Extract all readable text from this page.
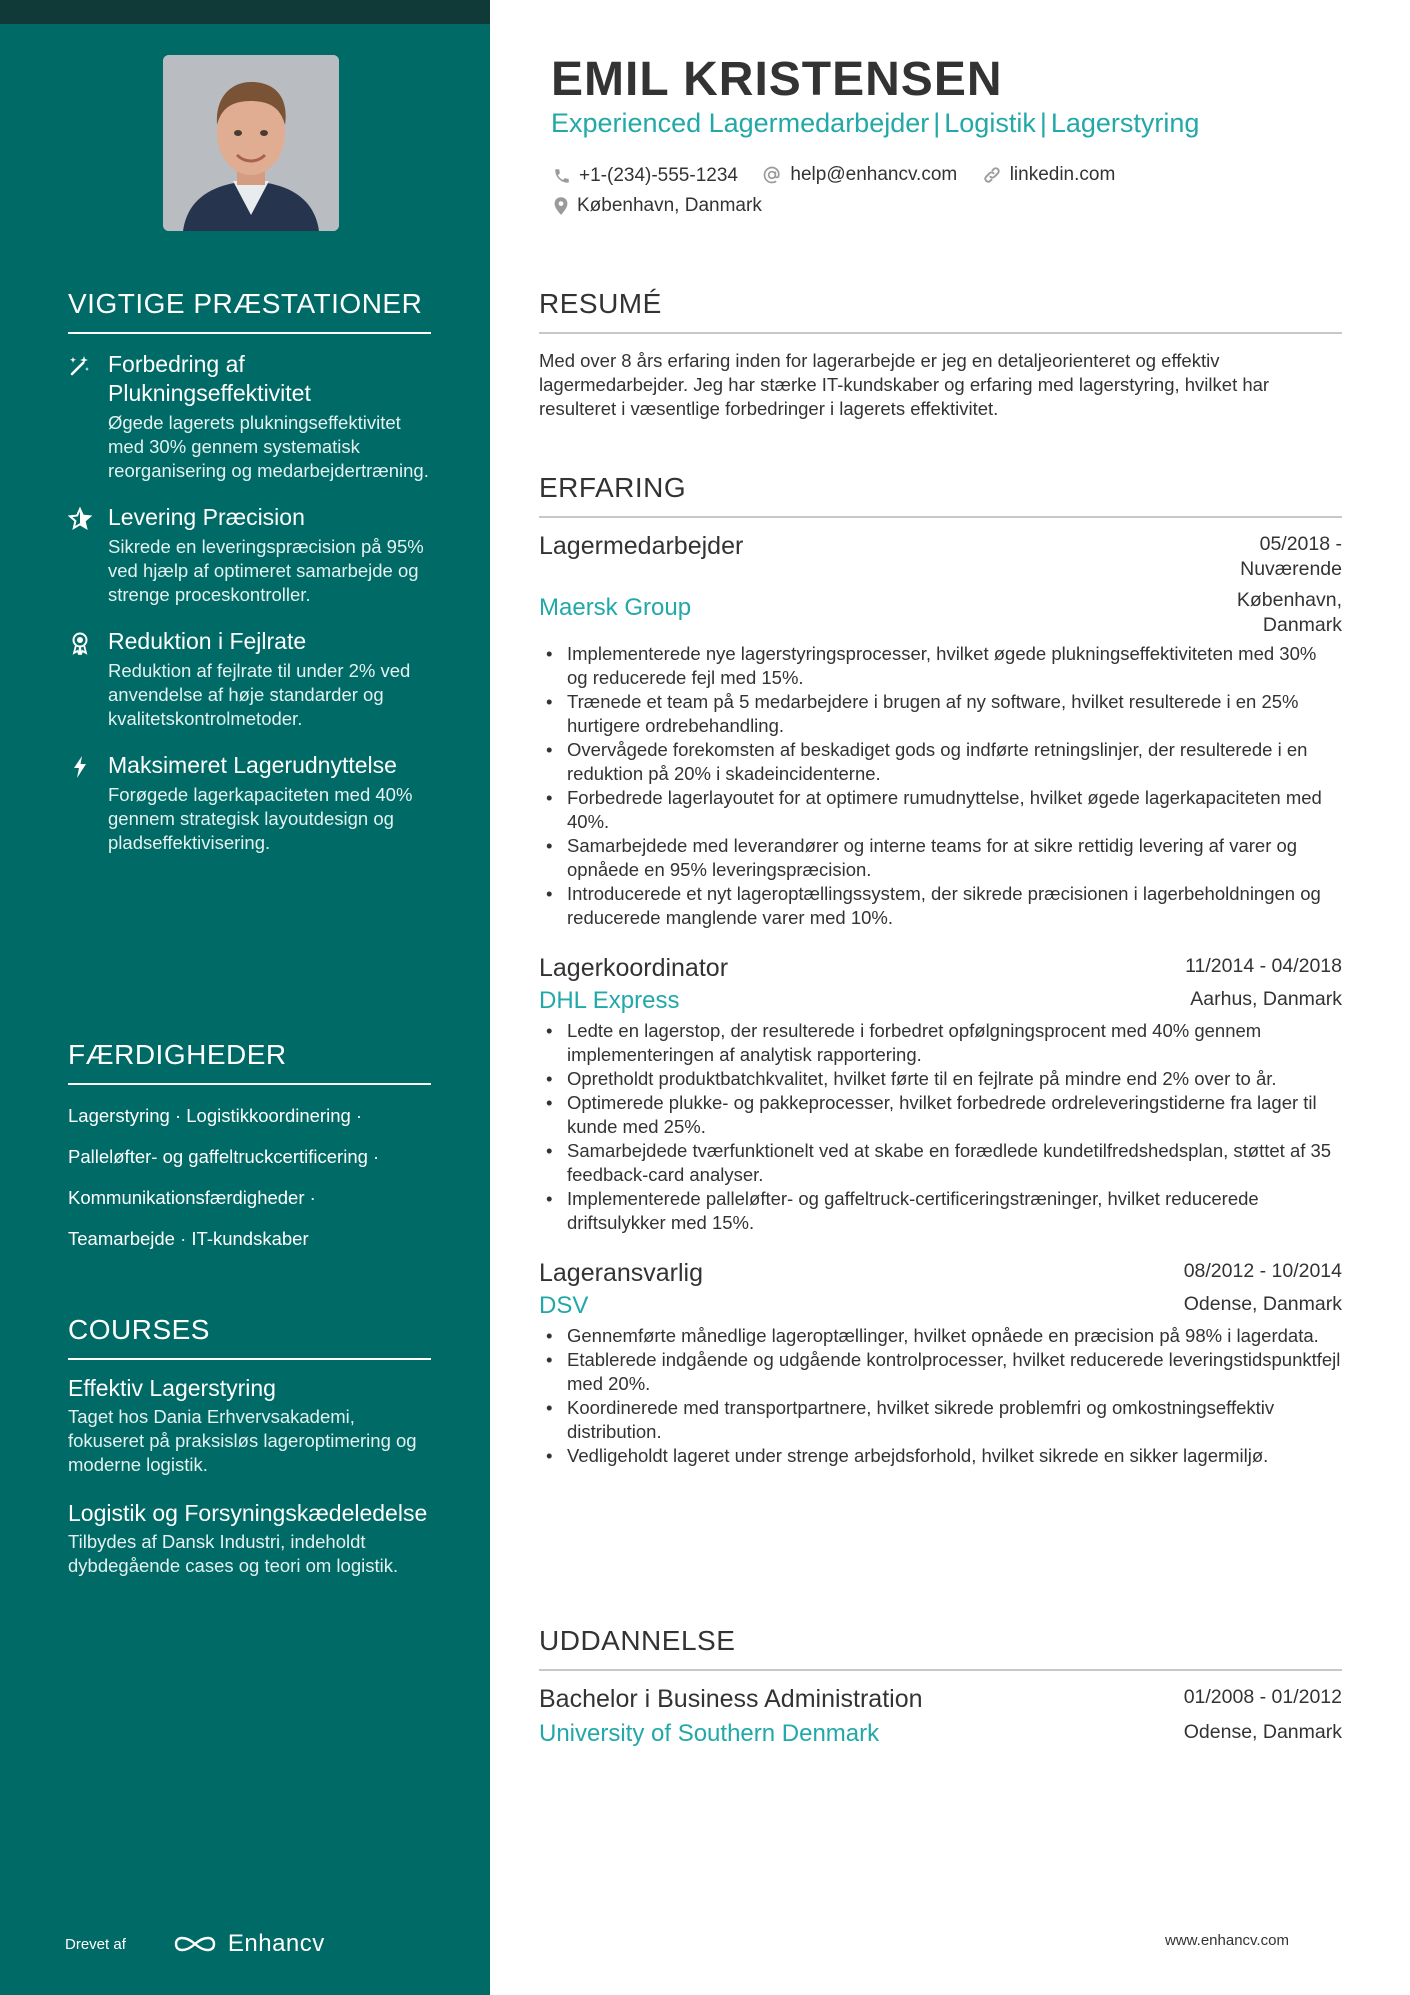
VIGTIGE PRÆSTATIONER
Forbedring af Plukningseffektivitet
Øgede lagerets plukningseffektivitet med 30% gennem systematisk reorganisering og medarbejdertræning.
Levering Præcision
Sikrede en leveringspræcision på 95% ved hjælp af optimeret samarbejde og strenge proceskontroller.
Reduktion i Fejlrate
Reduktion af fejlrate til under 2% ved anvendelse af høje standarder og kvalitetskontrolmetoder.
Maksimeret Lagerudnyttelse
Forøgede lagerkapaciteten med 40% gennem strategisk layoutdesign og pladseffektivisering.
FÆRDIGHEDER
Lagerstyring · Logistikkoordinering ·
Palleløfter- og gaffeltruckcertificering ·
Kommunikationsfærdigheder ·
Teamarbejde · IT-kundskaber
COURSES
Effektiv Lagerstyring
Taget hos Dania Erhvervsakademi, fokuseret på praksisløs lageroptimering og moderne logistik.
Logistik og Forsyningskædeledelse
Tilbydes af Dansk Industri, indeholdt dybdegående cases og teori om logistik.
Drevet af	Enhancv
EMIL KRISTENSEN
Experienced Lagermedarbejder | Logistik | Lagerstyring
+1-(234)-555-1234
	help@enhancv.com
	linkedin.com

København, Danmark
RESUMÉ
Med over 8 års erfaring inden for lagerarbejde er jeg en detaljeorienteret og effektiv lagermedarbejder. Jeg har stærke IT-kundskaber og erfaring med lagerstyring, hvilket har resulteret i væsentlige forbedringer i lagerets effektivitet.
ERFARING
Lagermedarbejder	05/2018 - Nuværende
Maersk Group	København, Danmark
• Implementerede nye lagerstyringsprocesser, hvilket øgede plukningseffektiviteten med 30% og reducerede fejl med 15%.
• Trænede et team på 5 medarbejdere i brugen af ny software, hvilket resulterede i en 25% hurtigere ordrebehandling.
• Overvågede forekomsten af beskadiget gods og indførte retningslinjer, der resulterede i en reduktion på 20% i skadeincidenterne.
• Forbedrede lagerlayoutet for at optimere rumudnyttelse, hvilket øgede lagerkapaciteten med 40%.
• Samarbejdede med leverandører og interne teams for at sikre rettidig levering af varer og opnåede en 95% leveringspræcision.
• Introducerede et nyt lageroptællingssystem, der sikrede præcisionen i lagerbeholdningen og reducerede manglende varer med 10%.
Lagerkoordinator	11/2014 - 04/2018
DHL Express	Aarhus, Danmark
• Ledte en lagerstop, der resulterede i forbedret opfølgningsprocent med 40% gennem implementeringen af analytisk rapportering.
• Opretholdt produktbatchkvalitet, hvilket førte til en fejlrate på mindre end 2% over to år.
• Optimerede plukke- og pakkeprocesser, hvilket forbedrede ordreleveringstiderne fra lager til kunde med 25%.
• Samarbejdede tværfunktionelt ved at skabe en forædlede kundetilfredshedsplan, støttet af 35 feedback-card analyser.
• Implementerede palleløfter- og gaffeltruck-certificeringstræninger, hvilket reducerede driftsulykker med 15%.
Lageransvarlig	08/2012 - 10/2014
DSV	Odense, Danmark
• Gennemførte månedlige lageroptællinger, hvilket opnåede en præcision på 98% i lagerdata.
• Etablerede indgående og udgående kontrolprocesser, hvilket reducerede leveringstidspunktfejl med 20%.
• Koordinerede med transportpartnere, hvilket sikrede problemfri og omkostningseffektiv distribution.
• Vedligeholdt lageret under strenge arbejdsforhold, hvilket sikrede en sikker lagermiljø.
UDDANNELSE
Bachelor i Business Administration	01/2008 - 01/2012
University of Southern Denmark	Odense, Danmark
www.enhancv.com
